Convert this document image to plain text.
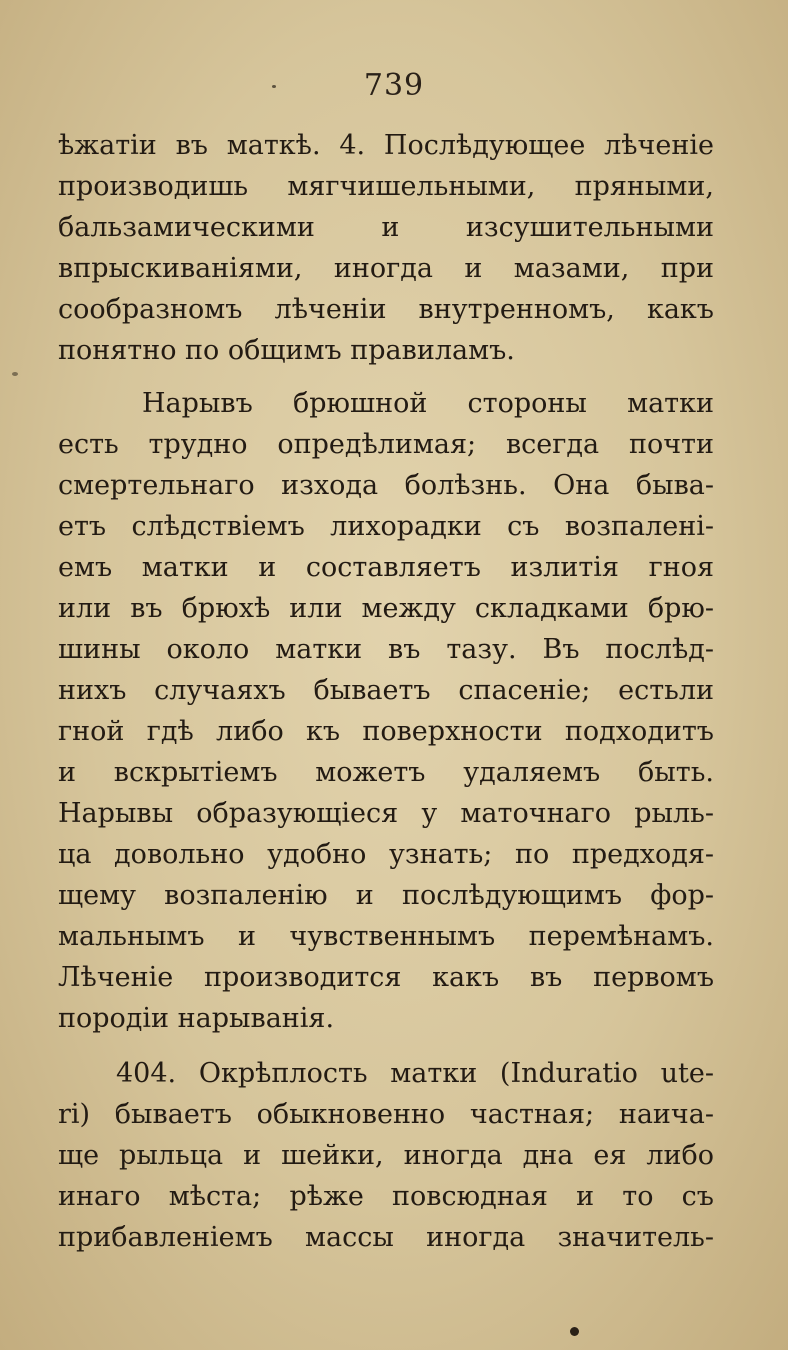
739

ѣжатіи въ маткѣ. 4. Послѣдующее лѣченіе
производишь мягчишельными, пряными,
бальзамическими и изсушительными
впрыскиваніями, иногда и мазами, при
сообразномъ лѣченіи внутренномъ, какъ
понятно по общимъ правиламъ.
Нарывъ брюшной стороны матки
есть трудно опредѣлимая; всегда почти
смертельнаго изхода болѣзнь. Она быва-
етъ слѣдствіемъ лихорадки съ возпаленi-
емъ матки и составляетъ излитія гноя
или въ брюхѣ или между складками брю-
шины около матки въ тазу. Въ послѣд-
нихъ случаяхъ бываетъ спасеніе; естьли
гной гдѣ либо къ поверхности подходитъ
и вскрытіемъ можетъ удаляемъ быть.
Нарывы образующіеся у маточнаго рыль-
ца довольно удобно узнать; по предходя-
щему возпаленію и послѣдующимъ фор-
мальнымъ и чувственнымъ перемѣнамъ.
Лѣченіе производится какъ въ первомъ
породіи нарыванія.
404. Окрѣплость матки (Induratio ute-
ri) бываетъ обыкновенно частная; наича-
ще рыльца и шейки, иногда дна ея либо
инаго мѣста; рѣже повсюдная и то съ
прибавленіемъ массы иногда значитель-
